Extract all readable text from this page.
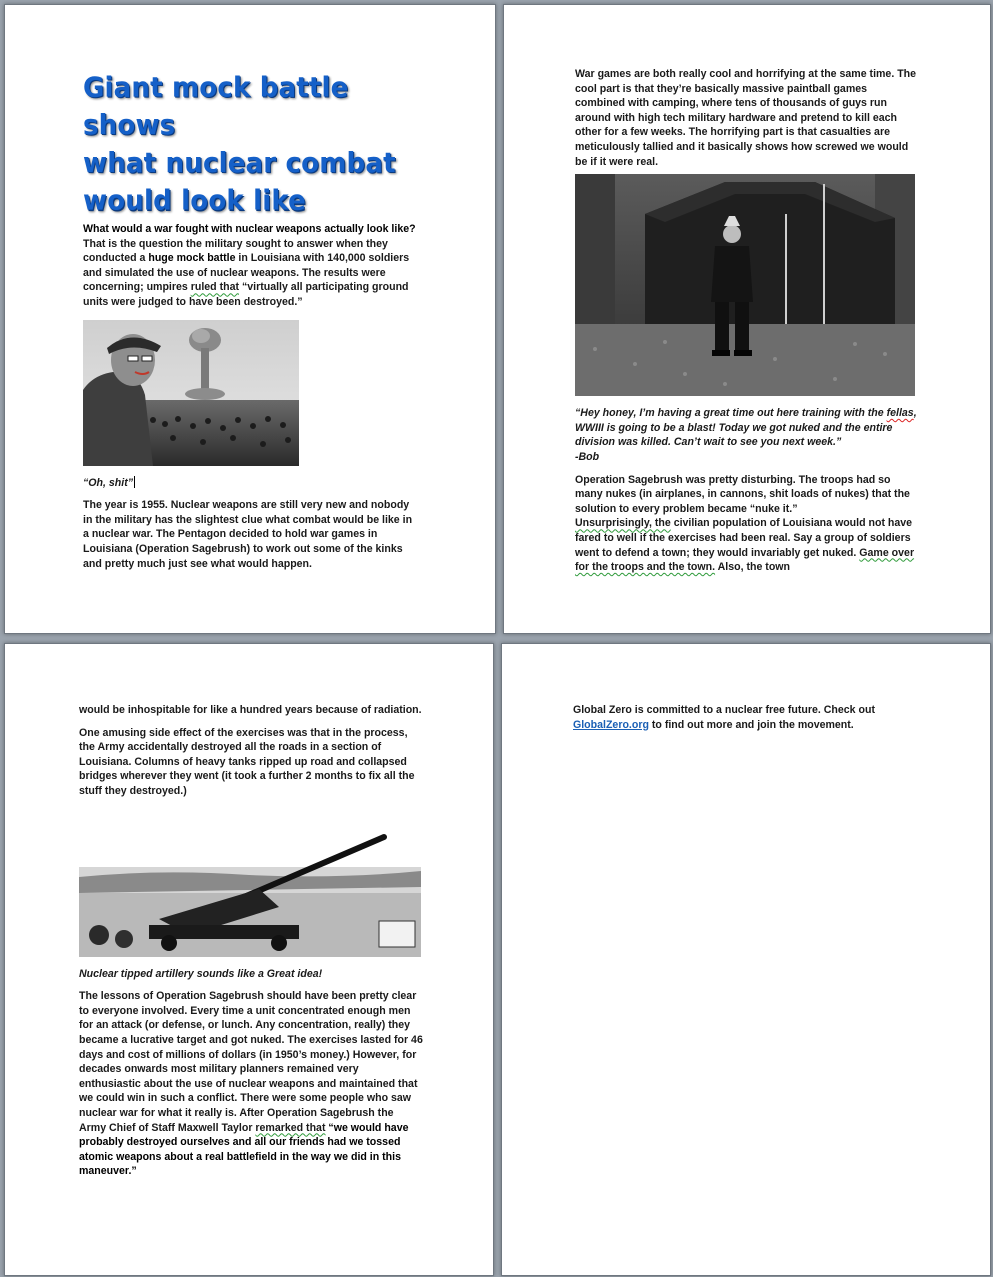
Giant mock battle shows
what nuclear combat
would look like

What would a war fought with nuclear weapons actually look like? That is the question the military sought to answer when they conducted a huge mock battle in Louisiana with 140,000 soldiers and simulated the use of nuclear weapons. The results were concerning; umpires ruled that “virtually all participating ground units were judged to have been destroyed.”

“Oh, shit”

The year is 1955. Nuclear weapons are still very new and nobody in the military has the slightest clue what combat would be like in a nuclear war. The Pentagon decided to hold war games in Louisiana (Operation Sagebrush) to work out some of the kinks and pretty much just see what would happen.

War games are both really cool and horrifying at the same time. The cool part is that they’re basically massive paintball games combined with camping, where tens of thousands of guys run around with high tech military hardware and pretend to kill each other for a few weeks. The horrifying part is that casualties are meticulously tallied and it basically shows how screwed we would be if it were real.

“Hey honey, I’m having a great time out here training with the fellas, WWIII is going to be a blast! Today we got nuked and the entire division was killed. Can’t wait to see you next week.”
-Bob

Operation Sagebrush was pretty disturbing. The troops had so many nukes (in airplanes, in cannons, shit loads of nukes) that the solution to every problem became “nuke it.”
Unsurprisingly, the civilian population of Louisiana would not have fared to well if the exercises had been real. Say a group of soldiers went to defend a town; they would invariably get nuked. Game over for the troops and the town. Also, the town

would be inhospitable for like a hundred years because of radiation.

One amusing side effect of the exercises was that in the process, the Army accidentally destroyed all the roads in a section of Louisiana. Columns of heavy tanks ripped up road and collapsed bridges wherever they went (it took a further 2 months to fix all the stuff they destroyed.)

Nuclear tipped artillery sounds like a Great idea!

The lessons of Operation Sagebrush should have been pretty clear to everyone involved. Every time a unit concentrated enough men for an attack (or defense, or lunch. Any concentration, really) they became a lucrative target and got nuked. The exercises lasted for 46 days and cost of millions of dollars (in 1950’s money.) However, for decades onwards most military planners remained very enthusiastic about the use of nuclear weapons and maintained that we could win in such a conflict. There were some people who saw nuclear war for what it really is. After Operation Sagebrush the Army Chief of Staff Maxwell Taylor remarked that “we would have probably destroyed ourselves and all our friends had we tossed atomic weapons about a real battlefield in the way we did in this maneuver.”

Global Zero is committed to a nuclear free future. Check out GlobalZero.org to find out more and join the movement.
